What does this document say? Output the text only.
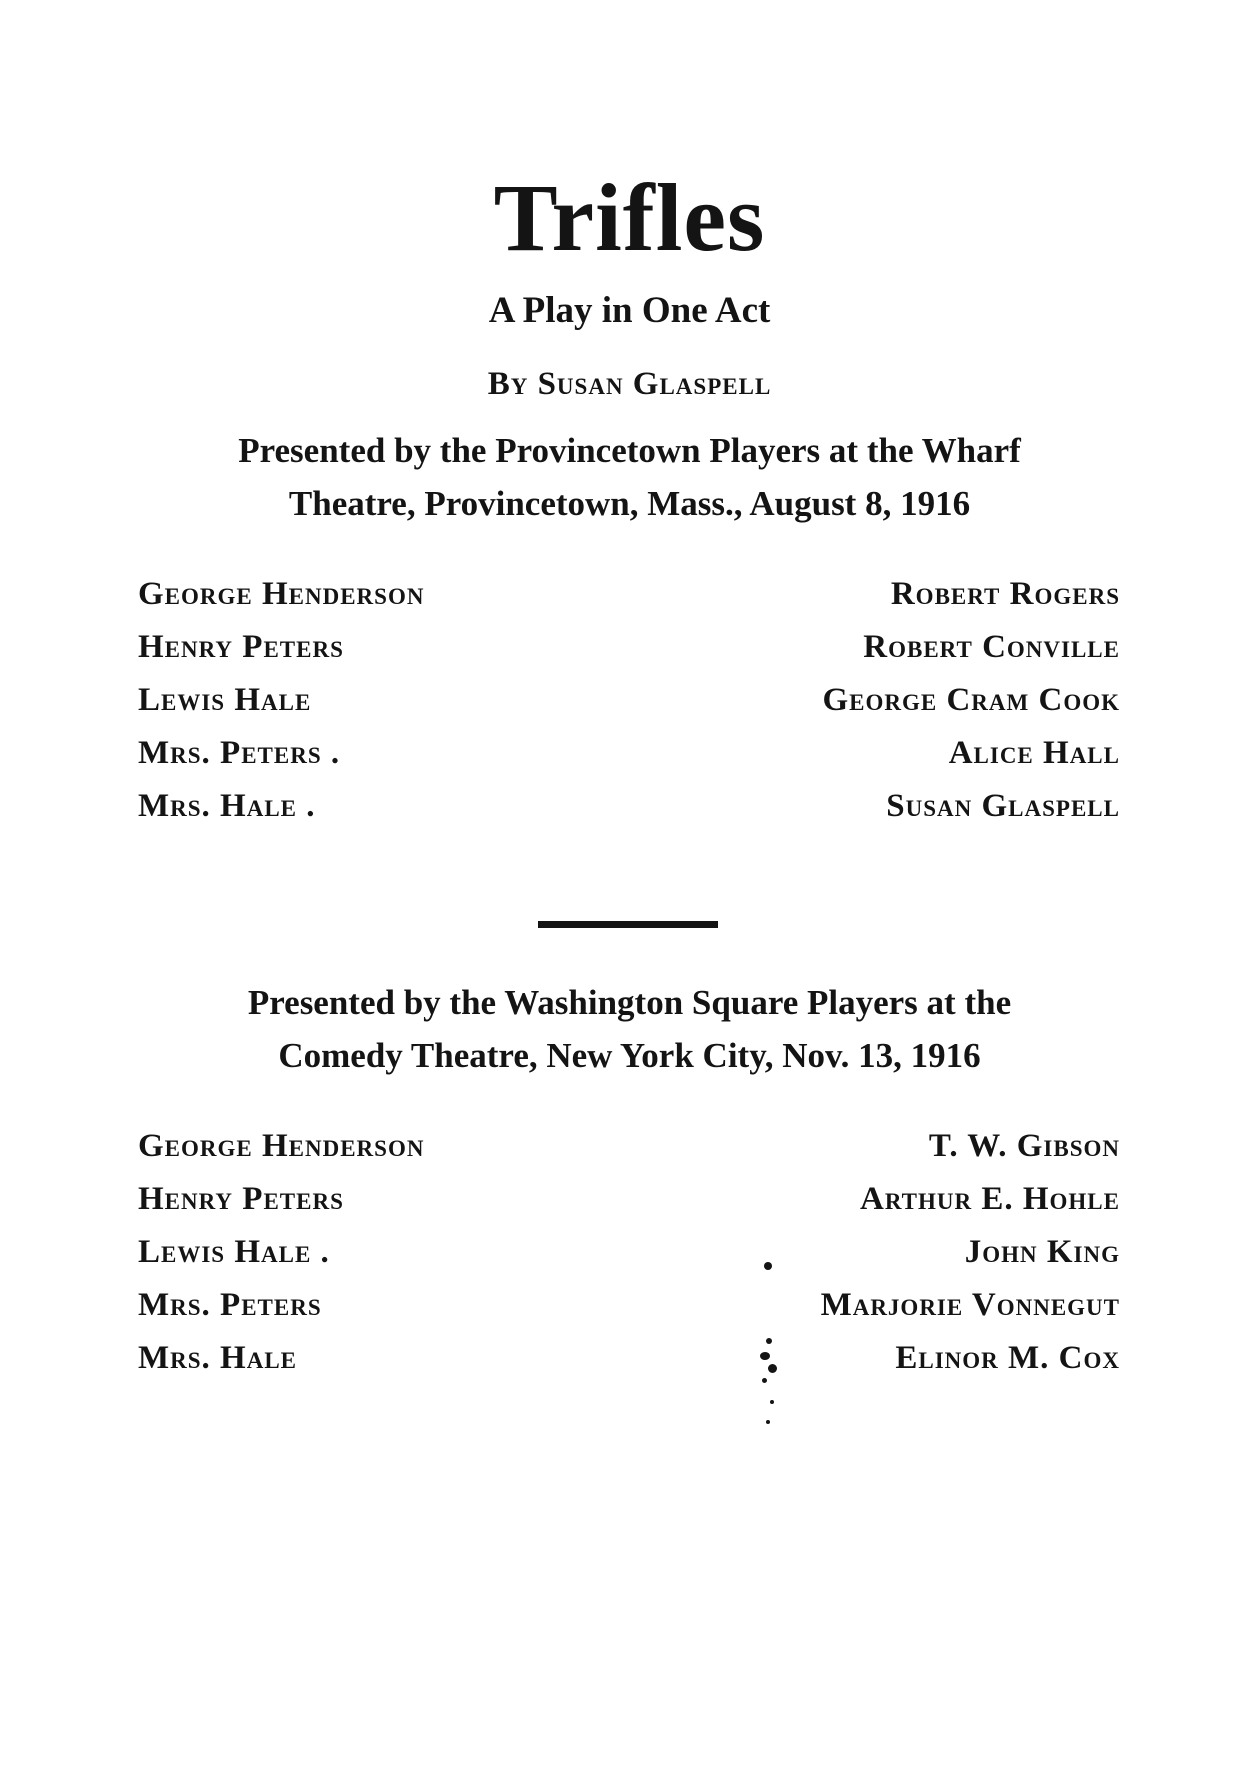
Trifles
A Play in One Act
By Susan Glaspell
Presented by the Provincetown Players at the Wharf
Theatre, Provincetown, Mass., August 8, 1916
George Henderson	Robert Rogers
Henry Peters	Robert Conville
Lewis Hale	George Cram Cook
Mrs. Peters .	Alice Hall
Mrs. Hale .	Susan Glaspell
Presented by the Washington Square Players at the
Comedy Theatre, New York City, Nov. 13, 1916
George Henderson	T. W. Gibson
Henry Peters	Arthur E. Hohle
Lewis Hale .	John King
Mrs. Peters	Marjorie Vonnegut
Mrs. Hale	Elinor M. Cox
